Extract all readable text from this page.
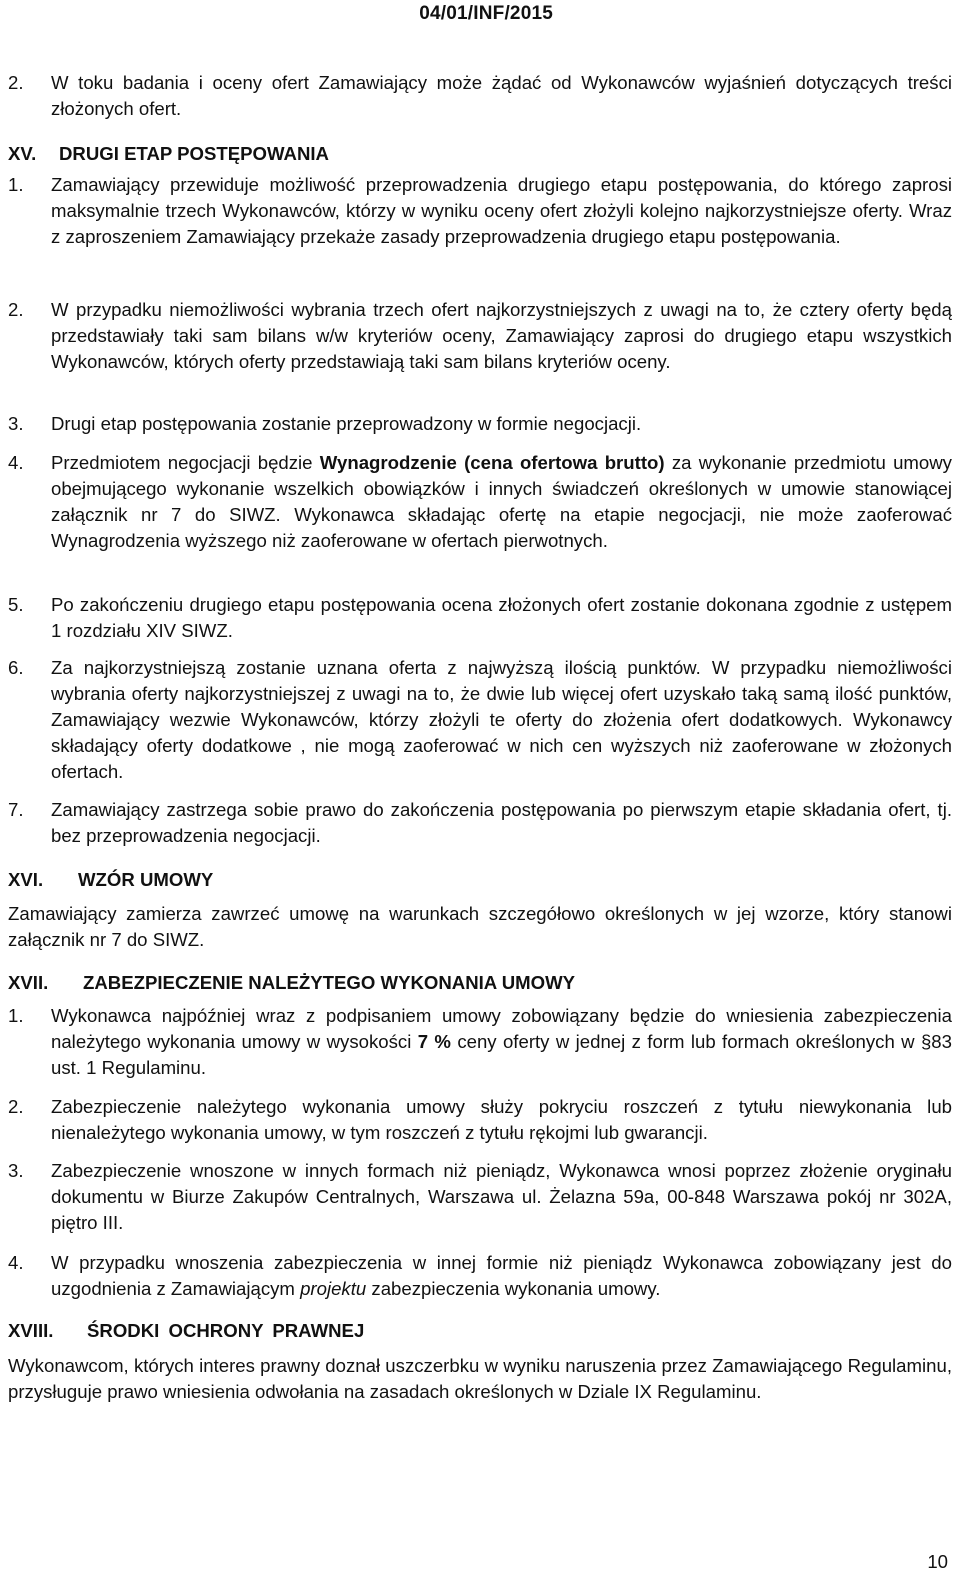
04/01/INF/2015
2.	W toku badania i oceny ofert Zamawiający może żądać od Wykonawców wyjaśnień dotyczących treści złożonych ofert.
XV.	DRUGI ETAP POSTĘPOWANIA
1.	Zamawiający przewiduje możliwość przeprowadzenia drugiego etapu postępowania, do którego zaprosi maksymalnie trzech Wykonawców, którzy w wyniku oceny ofert złożyli kolejno najkorzystniejsze oferty. Wraz z zaproszeniem Zamawiający przekaże zasady przeprowadzenia drugiego etapu postępowania.
2.	W przypadku niemożliwości wybrania trzech ofert najkorzystniejszych z uwagi na to, że cztery oferty będą przedstawiały taki sam bilans w/w kryteriów oceny, Zamawiający zaprosi do drugiego etapu wszystkich Wykonawców, których oferty przedstawiają taki sam bilans kryteriów oceny.
3.	Drugi etap postępowania zostanie przeprowadzony w formie negocjacji.
4.	Przedmiotem negocjacji będzie Wynagrodzenie (cena ofertowa brutto) za wykonanie przedmiotu umowy obejmującego wykonanie wszelkich obowiązków i innych świadczeń określonych w umowie stanowiącej załącznik nr 7 do SIWZ. Wykonawca składając ofertę na etapie negocjacji, nie może zaoferować Wynagrodzenia wyższego niż zaoferowane w ofertach pierwotnych.
5.	Po zakończeniu drugiego etapu postępowania ocena złożonych ofert zostanie dokonana zgodnie z ustępem 1 rozdziału XIV SIWZ.
6.	Za najkorzystniejszą zostanie uznana oferta z najwyższą ilością punktów. W przypadku niemożliwości wybrania oferty najkorzystniejszej z uwagi na to, że dwie lub więcej ofert uzyskało taką samą ilość punktów, Zamawiający wezwie Wykonawców, którzy złożyli te oferty do złożenia ofert dodatkowych. Wykonawcy składający oferty dodatkowe , nie mogą zaoferować w nich cen wyższych niż zaoferowane w złożonych ofertach.
7.	Zamawiający zastrzega sobie prawo do zakończenia postępowania po pierwszym etapie składania ofert, tj. bez przeprowadzenia negocjacji.
XVI.	WZÓR UMOWY
Zamawiający zamierza zawrzeć umowę na warunkach szczegółowo określonych w jej wzorze, który stanowi załącznik nr 7 do SIWZ.
XVII.	ZABEZPIECZENIE NALEŻYTEGO WYKONANIA UMOWY
1.	Wykonawca najpóźniej wraz z podpisaniem umowy zobowiązany będzie do wniesienia zabezpieczenia należytego wykonania umowy w wysokości 7 % ceny oferty w jednej z form lub formach określonych w §83 ust. 1 Regulaminu.
2.	Zabezpieczenie należytego wykonania umowy służy pokryciu roszczeń z tytułu niewykonania lub nienależytego wykonania umowy, w tym roszczeń z tytułu rękojmi lub gwarancji.
3.	Zabezpieczenie wnoszone w innych formach niż pieniądz, Wykonawca wnosi poprzez złożenie oryginału dokumentu w Biurze Zakupów Centralnych, Warszawa ul. Żelazna 59a, 00-848 Warszawa pokój nr 302A, piętro III.
4.	W przypadku wnoszenia zabezpieczenia w innej formie niż pieniądz Wykonawca zobowiązany jest do uzgodnienia z Zamawiającym projektu zabezpieczenia wykonania umowy.
XVIII.	ŚRODKI OCHRONY PRAWNEJ
Wykonawcom, których interes prawny doznał uszczerbku w wyniku naruszenia przez Zamawiającego Regulaminu, przysługuje prawo wniesienia odwołania na zasadach określonych w Dziale IX Regulaminu.
10
